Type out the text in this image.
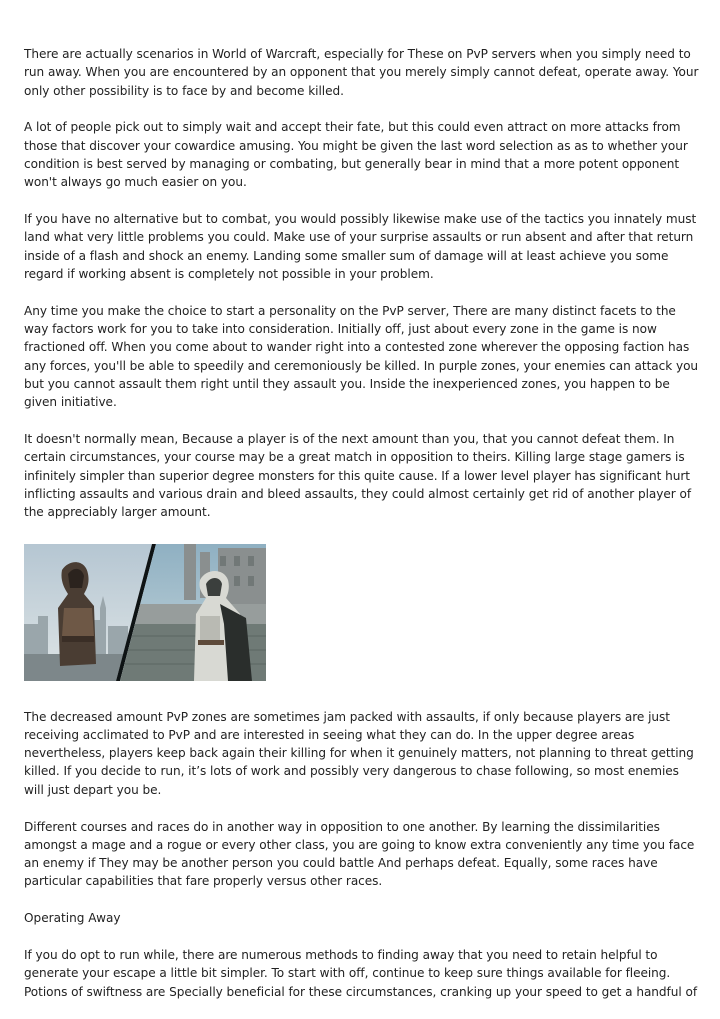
There are actually scenarios in World of Warcraft, especially for These on PvP servers when you simply need to run away. When you are encountered by an opponent that you merely simply cannot defeat, operate away. Your only other possibility is to face by and become killed.

A lot of people pick out to simply wait and accept their fate, but this could even attract on more attacks from those that discover your cowardice amusing. You might be given the last word selection as as to whether your condition is best served by managing or combating, but generally bear in mind that a more potent opponent won't always go much easier on you.

If you have no alternative but to combat, you would possibly likewise make use of the tactics you innately must land what very little problems you could. Make use of your surprise assaults or run absent and after that return inside of a flash and shock an enemy. Landing some smaller sum of damage will at least achieve you some regard if working absent is completely not possible in your problem.

Any time you make the choice to start a personality on the PvP server, There are many distinct facets to the way factors work for you to take into consideration. Initially off, just about every zone in the game is now fractioned off. When you come about to wander right into a contested zone wherever the opposing faction has any forces, you'll be able to speedily and ceremoniously be killed. In purple zones, your enemies can attack you but you cannot assault them right until they assault you. Inside the inexperienced zones, you happen to be given initiative.

It doesn't normally mean, Because a player is of the next amount than you, that you cannot defeat them. In certain circumstances, your course may be a great match in opposition to theirs. Killing large stage gamers is infinitely simpler than superior degree monsters for this quite cause. If a lower level player has significant hurt inflicting assaults and various drain and bleed assaults, they could almost certainly get rid of another player of the appreciably larger amount.

The decreased amount PvP zones are sometimes jam packed with assaults, if only because players are just receiving acclimated to PvP and are interested in seeing what they can do. In the upper degree areas nevertheless, players keep back again their killing for when it genuinely matters, not planning to threat getting killed. If you decide to run, it’s lots of work and possibly very dangerous to chase following, so most enemies will just depart you be.

Different courses and races do in another way in opposition to one another. By learning the dissimilarities amongst a mage and a rogue or every other class, you are going to know extra conveniently any time you face an enemy if They may be another person you could battle And perhaps defeat. Equally, some races have particular capabilities that fare properly versus other races.

Operating Away

If you do opt to run while, there are numerous methods to finding away that you need to retain helpful to generate your escape a little bit simpler. To start with off, continue to keep sure things available for fleeing. Potions of swiftness are Specially beneficial for these circumstances, cranking up your speed to get a handful of
